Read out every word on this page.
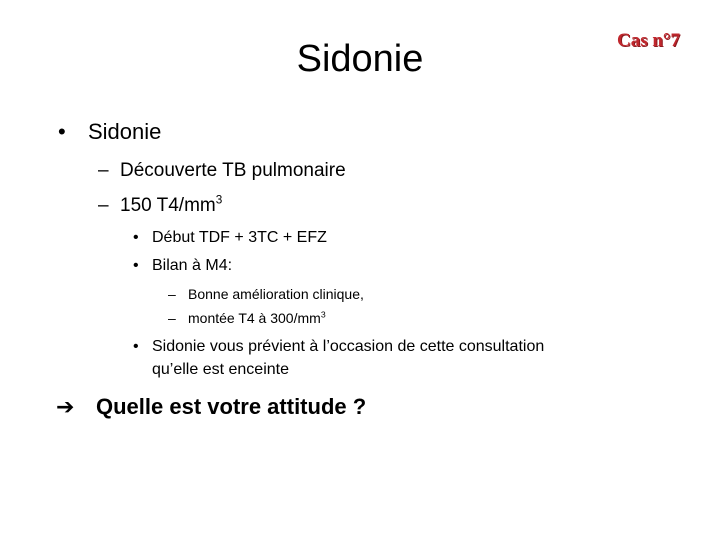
Sidonie	Cas n°7
• Sidonie
– Découverte TB pulmonaire
– 150 $T4/mm^3$
• Début TDF + 3TC + EFZ
• Bilan à M4:
– Bonne amélioration clinique,
– montée T4 à $300/mm^3$
• Sidonie vous prévient à l’occasion de cette consultation
qu’elle est enceinte
➔ Quelle est votre attitude ?
